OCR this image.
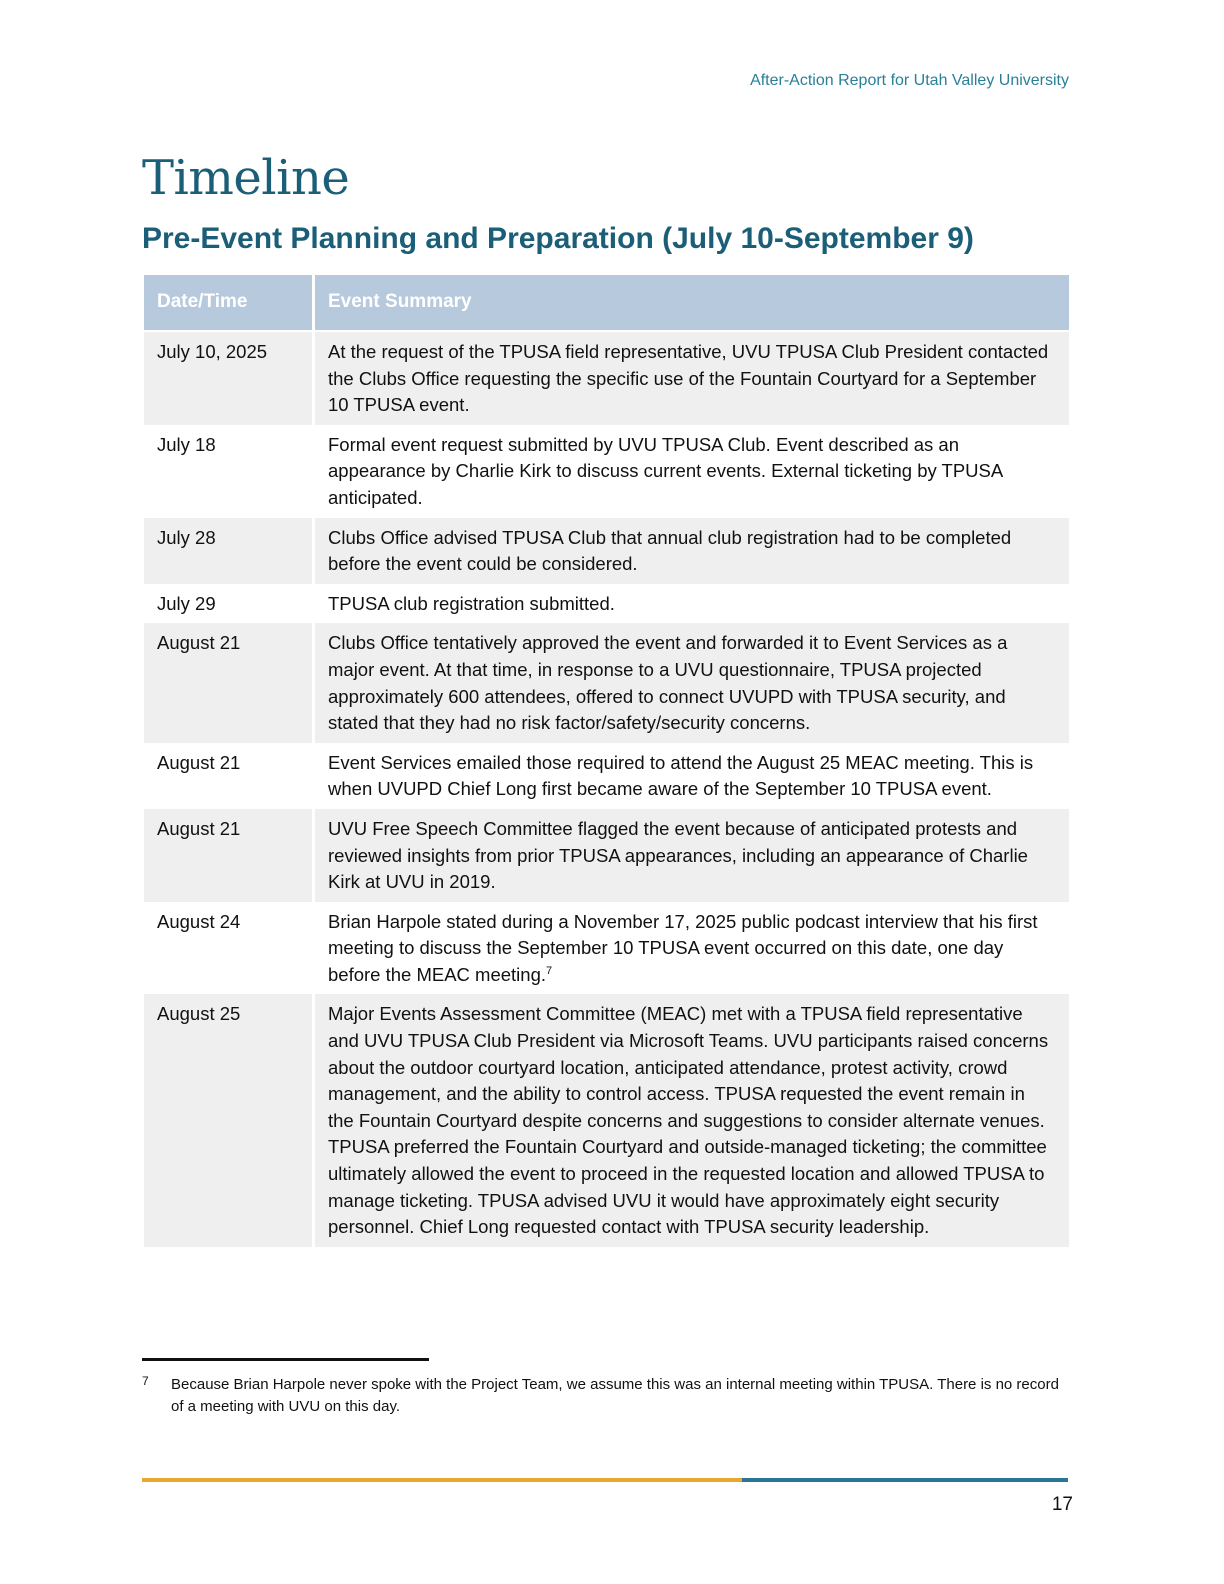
After-Action Report for Utah Valley University
Timeline
Pre-Event Planning and Preparation (July 10-September 9)
Date/Time	Event Summary
July 10, 2025	At the request of the TPUSA field representative, UVU TPUSA Club President contacted the Clubs Office requesting the specific use of the Fountain Courtyard for a September 10 TPUSA event.
July 18	Formal event request submitted by UVU TPUSA Club. Event described as an appearance by Charlie Kirk to discuss current events. External ticketing by TPUSA anticipated.
July 28	Clubs Office advised TPUSA Club that annual club registration had to be completed before the event could be considered.
July 29	TPUSA club registration submitted.
August 21	Clubs Office tentatively approved the event and forwarded it to Event Services as a major event. At that time, in response to a UVU questionnaire, TPUSA projected approximately 600 attendees, offered to connect UVUPD with TPUSA security, and stated that they had no risk factor/safety/security concerns.
August 21	Event Services emailed those required to attend the August 25 MEAC meeting. This is when UVUPD Chief Long first became aware of the September 10 TPUSA event.
August 21	UVU Free Speech Committee flagged the event because of anticipated protests and reviewed insights from prior TPUSA appearances, including an appearance of Charlie Kirk at UVU in 2019.
August 24	Brian Harpole stated during a November 17, 2025 public podcast interview that his first meeting to discuss the September 10 TPUSA event occurred on this date, one day before the MEAC meeting.$^7$
August 25	Major Events Assessment Committee (MEAC) met with a TPUSA field representative and UVU TPUSA Club President via Microsoft Teams. UVU participants raised concerns about the outdoor courtyard location, anticipated attendance, protest activity, crowd management, and the ability to control access. TPUSA requested the event remain in the Fountain Courtyard despite concerns and suggestions to consider alternate venues. TPUSA preferred the Fountain Courtyard and outside-managed ticketing; the committee ultimately allowed the event to proceed in the requested location and allowed TPUSA to manage ticketing. TPUSA advised UVU it would have approximately eight security personnel. Chief Long requested contact with TPUSA security leadership.
7	Because Brian Harpole never spoke with the Project Team, we assume this was an internal meeting within TPUSA. There is no record of a meeting with UVU on this day.
17
